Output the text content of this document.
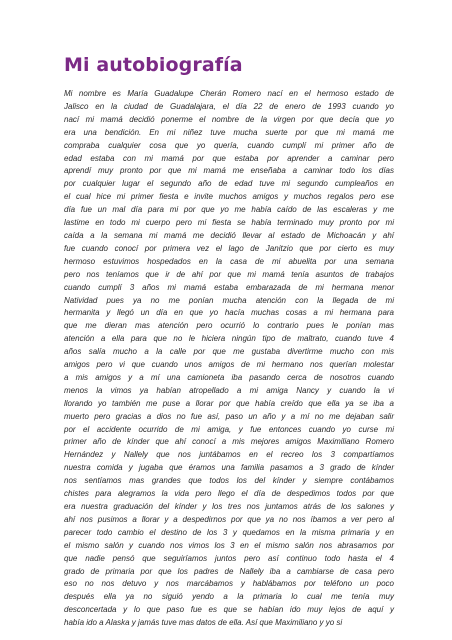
Mi autobiografía
Mi nombre es María Guadalupe Cherán Romero nací en el hermoso estado de
Jalisco en la ciudad de Guadalajara, el día 22 de enero de 1993 cuando yo
nací mi mamá decidió ponerme el nombre de la virgen por que decía que yo
era una bendición. En mi niñez tuve mucha suerte por que mi mamá me
compraba cualquier cosa que yo quería, cuando cumplí mi primer año de
edad estaba con mi mamá por que estaba por aprender a caminar pero
aprendí muy pronto por que mi mamá me enseñaba a caminar todo los días
por cualquier lugar el segundo año de edad tuve mi segundo cumpleaños en
el cual hice mi primer fiesta e invite muchos amigos y muchos regalos pero ese
día fue un mal día para mi por que yo me había caído de las escaleras y me
lastime en todo mi cuerpo pero mi fiesta se había terminado muy pronto por mi
caída a la semana mi mamá me decidió llevar al estado de Michoacán y ahí
fue cuando conocí por primera vez el lago de Janitzio que por cierto es muy
hermoso estuvimos hospedados en la casa de mi abuelita por una semana
pero nos teníamos que ir de ahí por que mi mamá tenía asuntos de trabajos
cuando cumplí 3 años mi mamá estaba embarazada de mi hermana menor
Natividad pues ya no me ponían mucha atención con la llegada de mi
hermanita y llegó un día en que yo hacía muchas cosas a mi hermana para
que me dieran mas atención pero ocurrió lo contrario pues le ponían mas
atención a ella para que no le hiciera ningún tipo de maltrato, cuando tuve 4
años salía mucho a la calle por que me gustaba divertirme mucho con mis
amigos pero vi que cuando unos amigos de mi hermano nos querían molestar
a mis amigos y a mí una camioneta iba pasando cerca de nosotros cuando
menos la vimos ya habían atropellado a mi amiga Nancy y cuando la vi
llorando yo también me puse a llorar por que había creído que ella ya se iba a
muerto pero gracias a dios no fue así, paso un año y a mí no me dejaban salir
por el accidente ocurrido de mi amiga, y fue entonces cuando yo curse mi
primer año de kínder que ahí conocí a mis mejores amigos Maximiliano Romero
Hernández y Nallely que nos juntábamos en el recreo los 3 compartíamos
nuestra comida y jugaba que éramos una familia pasamos a 3 grado de kínder
nos sentíamos mas grandes que todos los del kínder y siempre contábamos
chistes para alegramos la vida pero llego el día de despedimos todos por que
era nuestra graduación del kínder y los tres nos juntamos atrás de los salones y
ahí nos pusimos a llorar y a despedirnos por que ya no nos íbamos a ver pero al
parecer todo cambio el destino de los 3 y quedamos en la misma primaria y en
el mismo salón y cuando nos vimos los 3 en el mismo salón nos abrasamos por
que nadie pensó que seguiríamos juntos pero así continuo todo hasta el 4
grado de primaria por que los padres de Nallely iba a cambiarse de casa pero
eso no nos detuvo y nos marcábamos y hablábamos por teléfono un poco
después ella ya no siguió yendo a la primaria lo cual me tenía muy
desconcertada y lo que paso fue es que se habían ido muy lejos de aquí y
había ido a Alaska y jamás tuve mas datos de ella. Así que Maximiliano y yo si
